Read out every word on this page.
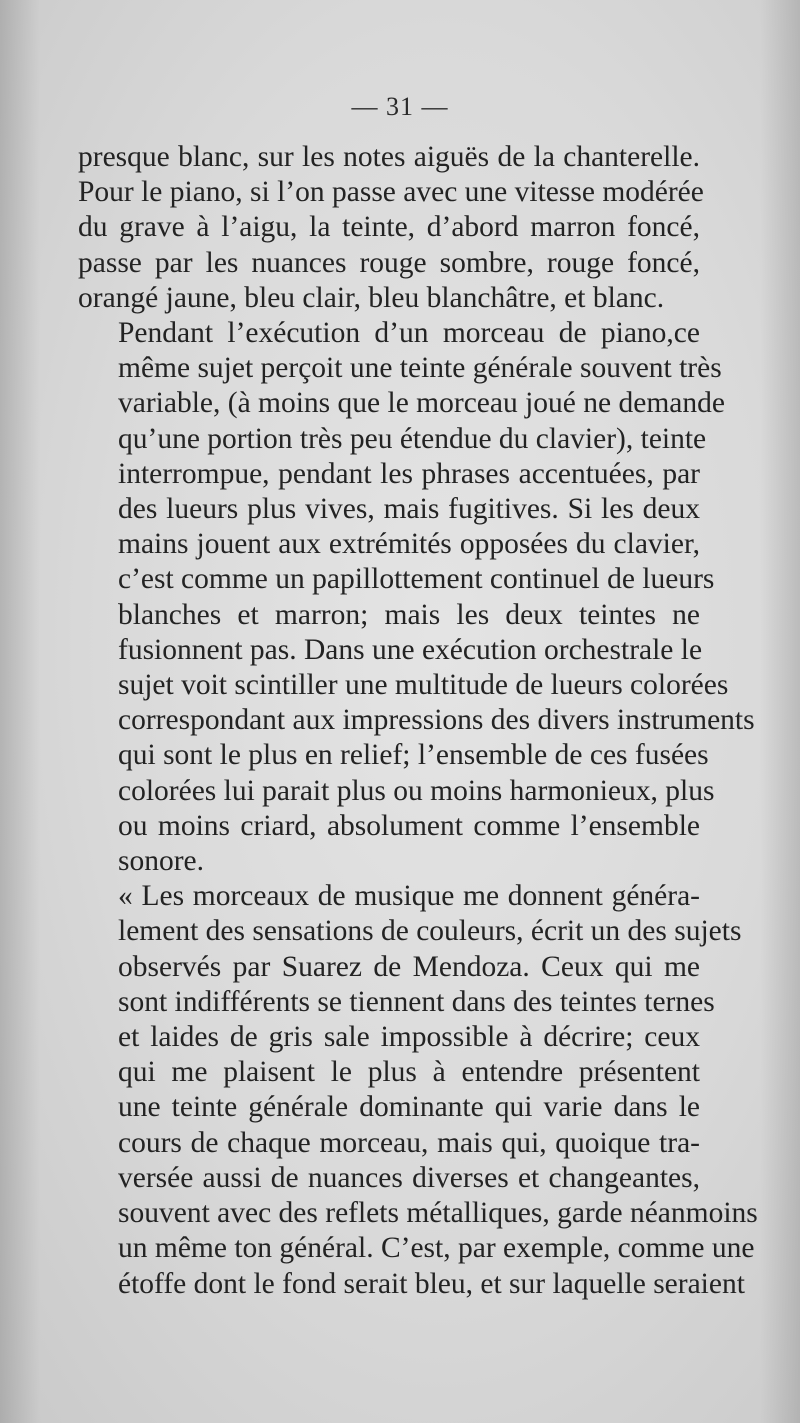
— 31 —

presque blanc, sur les notes aiguës de la chanterelle.
Pour le piano, si l’on passe avec une vitesse modérée
du grave à l’aigu, la teinte, d’abord marron foncé,
passe par les nuances rouge sombre, rouge foncé,
orangé jaune, bleu clair, bleu blanchâtre, et blanc.

Pendant l’exécution d’un morceau de piano,ce
même sujet perçoit une teinte générale souvent très
variable, (à moins que le morceau joué ne demande
qu’une portion très peu étendue du clavier), teinte
interrompue, pendant les phrases accentuées, par
des lueurs plus vives, mais fugitives. Si les deux
mains jouent aux extrémités opposées du clavier,
c’est comme un papillottement continuel de lueurs
blanches et marron; mais les deux teintes ne
fusionnent pas. Dans une exécution orchestrale le
sujet voit scintiller une multitude de lueurs colorées
correspondant aux impressions des divers instruments
qui sont le plus en relief; l’ensemble de ces fusées
colorées lui parait plus ou moins harmonieux, plus
ou moins criard, absolument comme l’ensemble
sonore.

« Les morceaux de musique me donnent généra-
lement des sensations de couleurs, écrit un des sujets
observés par Suarez de Mendoza. Ceux qui me
sont indifférents se tiennent dans des teintes ternes
et laides de gris sale impossible à décrire; ceux
qui me plaisent le plus à entendre présentent
une teinte générale dominante qui varie dans le
cours de chaque morceau, mais qui, quoique tra-
versée aussi de nuances diverses et changeantes,
souvent avec des reflets métalliques, garde néanmoins
un même ton général. C’est, par exemple, comme une
étoffe dont le fond serait bleu, et sur laquelle seraient
